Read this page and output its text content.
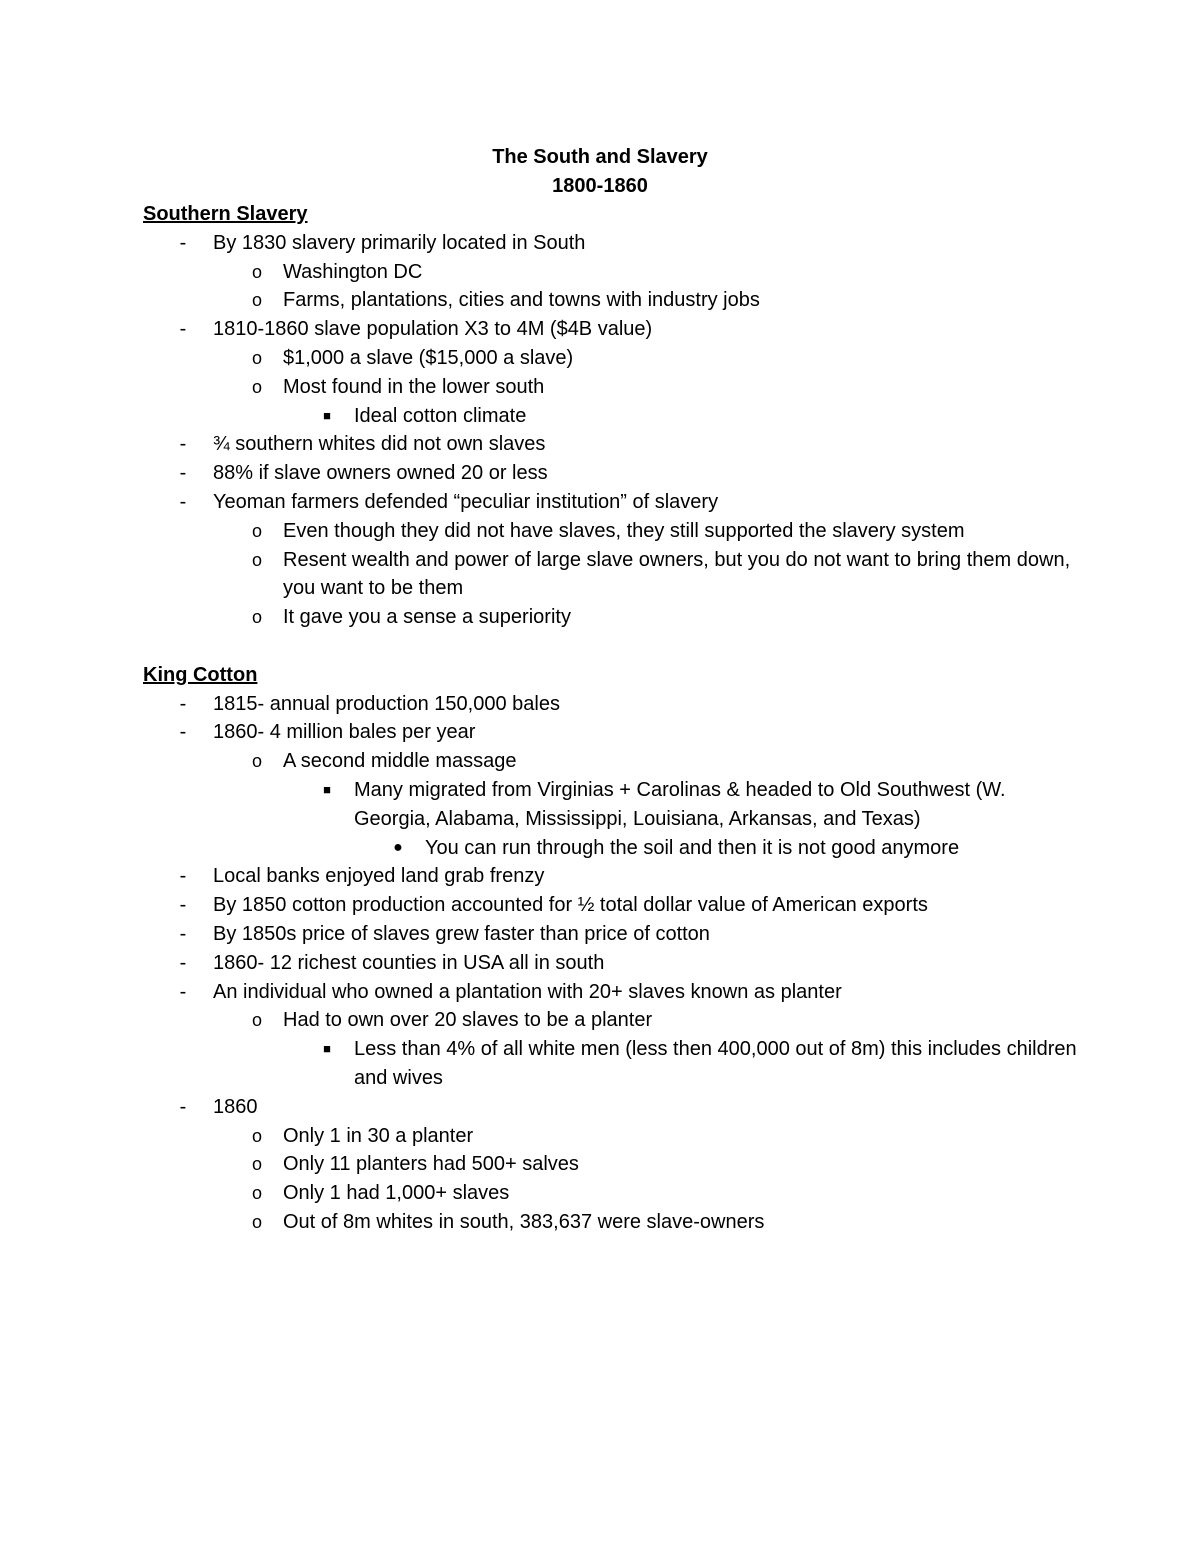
The South and Slavery
1800-1860
Southern Slavery
-	By 1830 slavery primarily located in South
o Washington DC
o Farms, plantations, cities and towns with industry jobs
-	1810-1860 slave population X3 to 4M ($4B value)
o $1,000 a slave ($15,000 a slave)
o Most found in the lower south
■	Ideal cotton climate
-	¾ southern whites did not own slaves
-	88% if slave owners owned 20 or less
-	Yeoman farmers defended “peculiar institution” of slavery
o Even though they did not have slaves, they still supported the slavery system
o Resent wealth and power of large slave owners, but you do not want to bring them down, you want to be them
o It gave you a sense a superiority
King Cotton
-	1815- annual production 150,000 bales
-	1860- 4 million bales per year
o A second middle massage
■	Many migrated from Virginias + Carolinas & headed to Old Southwest (W. Georgia, Alabama, Mississippi, Louisiana, Arkansas, and Texas)
● You can run through the soil and then it is not good anymore
-	Local banks enjoyed land grab frenzy
-	By 1850 cotton production accounted for ½ total dollar value of American exports
-	By 1850s price of slaves grew faster than price of cotton
-	1860- 12 richest counties in USA all in south
-	An individual who owned a plantation with 20+ slaves known as planter
o Had to own over 20 slaves to be a planter
■	Less than 4% of all white men (less then 400,000 out of 8m) this includes children and wives
-	1860
o Only 1 in 30 a planter
o Only 11 planters had 500+ salves
o Only 1 had 1,000+ slaves
o Out of 8m whites in south, 383,637 were slave-owners
